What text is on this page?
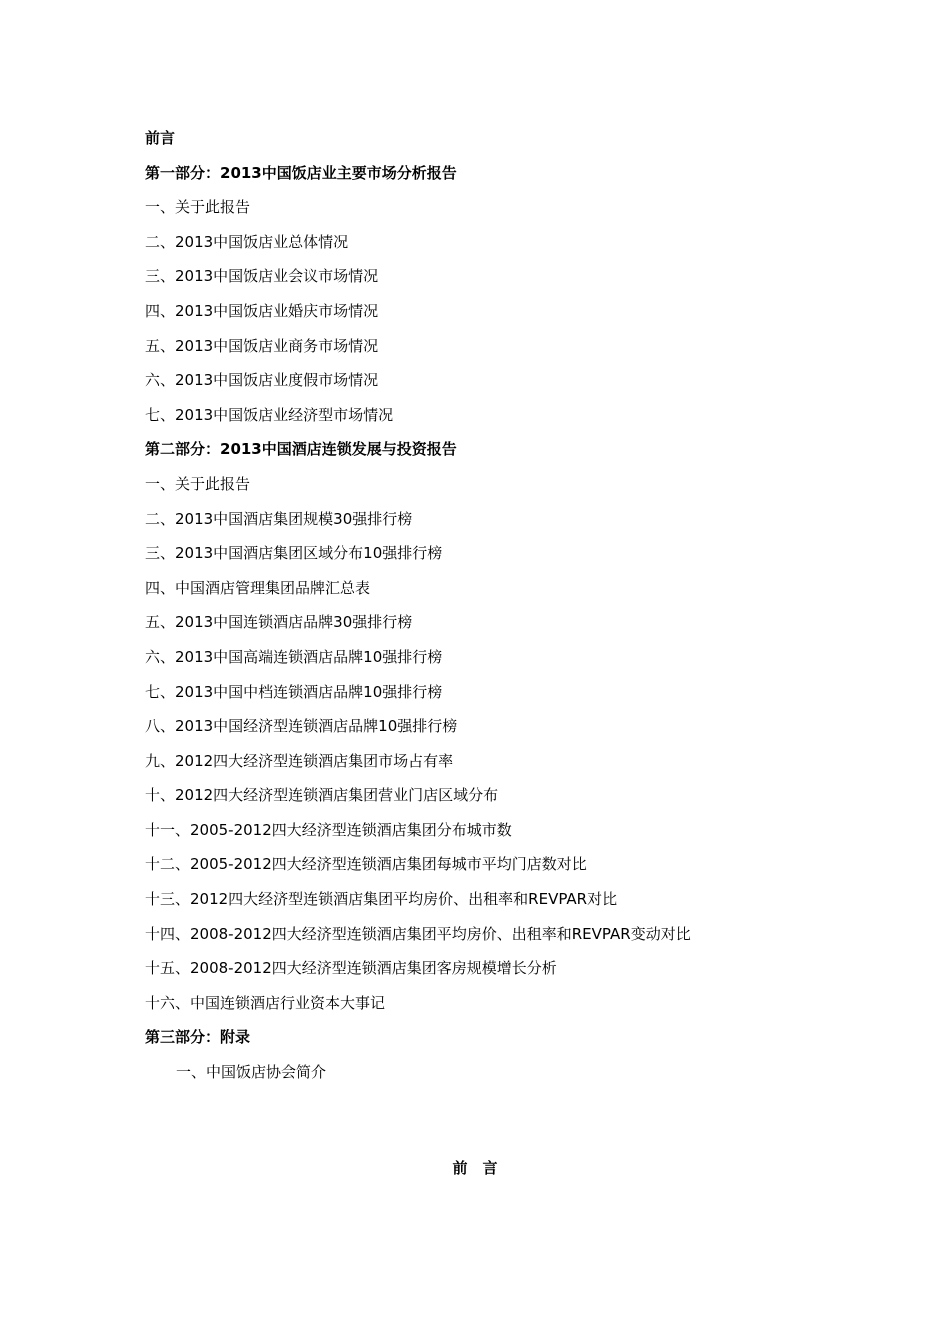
前言
第一部分：2013中国饭店业主要市场分析报告
一、关于此报告
二、2013中国饭店业总体情况
三、2013中国饭店业会议市场情况
四、2013中国饭店业婚庆市场情况
五、2013中国饭店业商务市场情况
六、2013中国饭店业度假市场情况
七、2013中国饭店业经济型市场情况
第二部分：2013中国酒店连锁发展与投资报告
一、关于此报告
二、2013中国酒店集团规模30强排行榜
三、2013中国酒店集团区域分布10强排行榜
四、中国酒店管理集团品牌汇总表
五、2013中国连锁酒店品牌30强排行榜
六、2013中国高端连锁酒店品牌10强排行榜
七、2013中国中档连锁酒店品牌10强排行榜
八、2013中国经济型连锁酒店品牌10强排行榜
九、2012四大经济型连锁酒店集团市场占有率
十、2012四大经济型连锁酒店集团营业门店区域分布
十一、2005-2012四大经济型连锁酒店集团分布城市数
十二、2005-2012四大经济型连锁酒店集团每城市平均门店数对比
十三、2012四大经济型连锁酒店集团平均房价、出租率和REVPAR对比
十四、2008-2012四大经济型连锁酒店集团平均房价、出租率和REVPAR变动对比
十五、2008-2012四大经济型连锁酒店集团客房规模增长分析
十六、中国连锁酒店行业资本大事记
第三部分：附录
一、中国饭店协会简介
前　言
